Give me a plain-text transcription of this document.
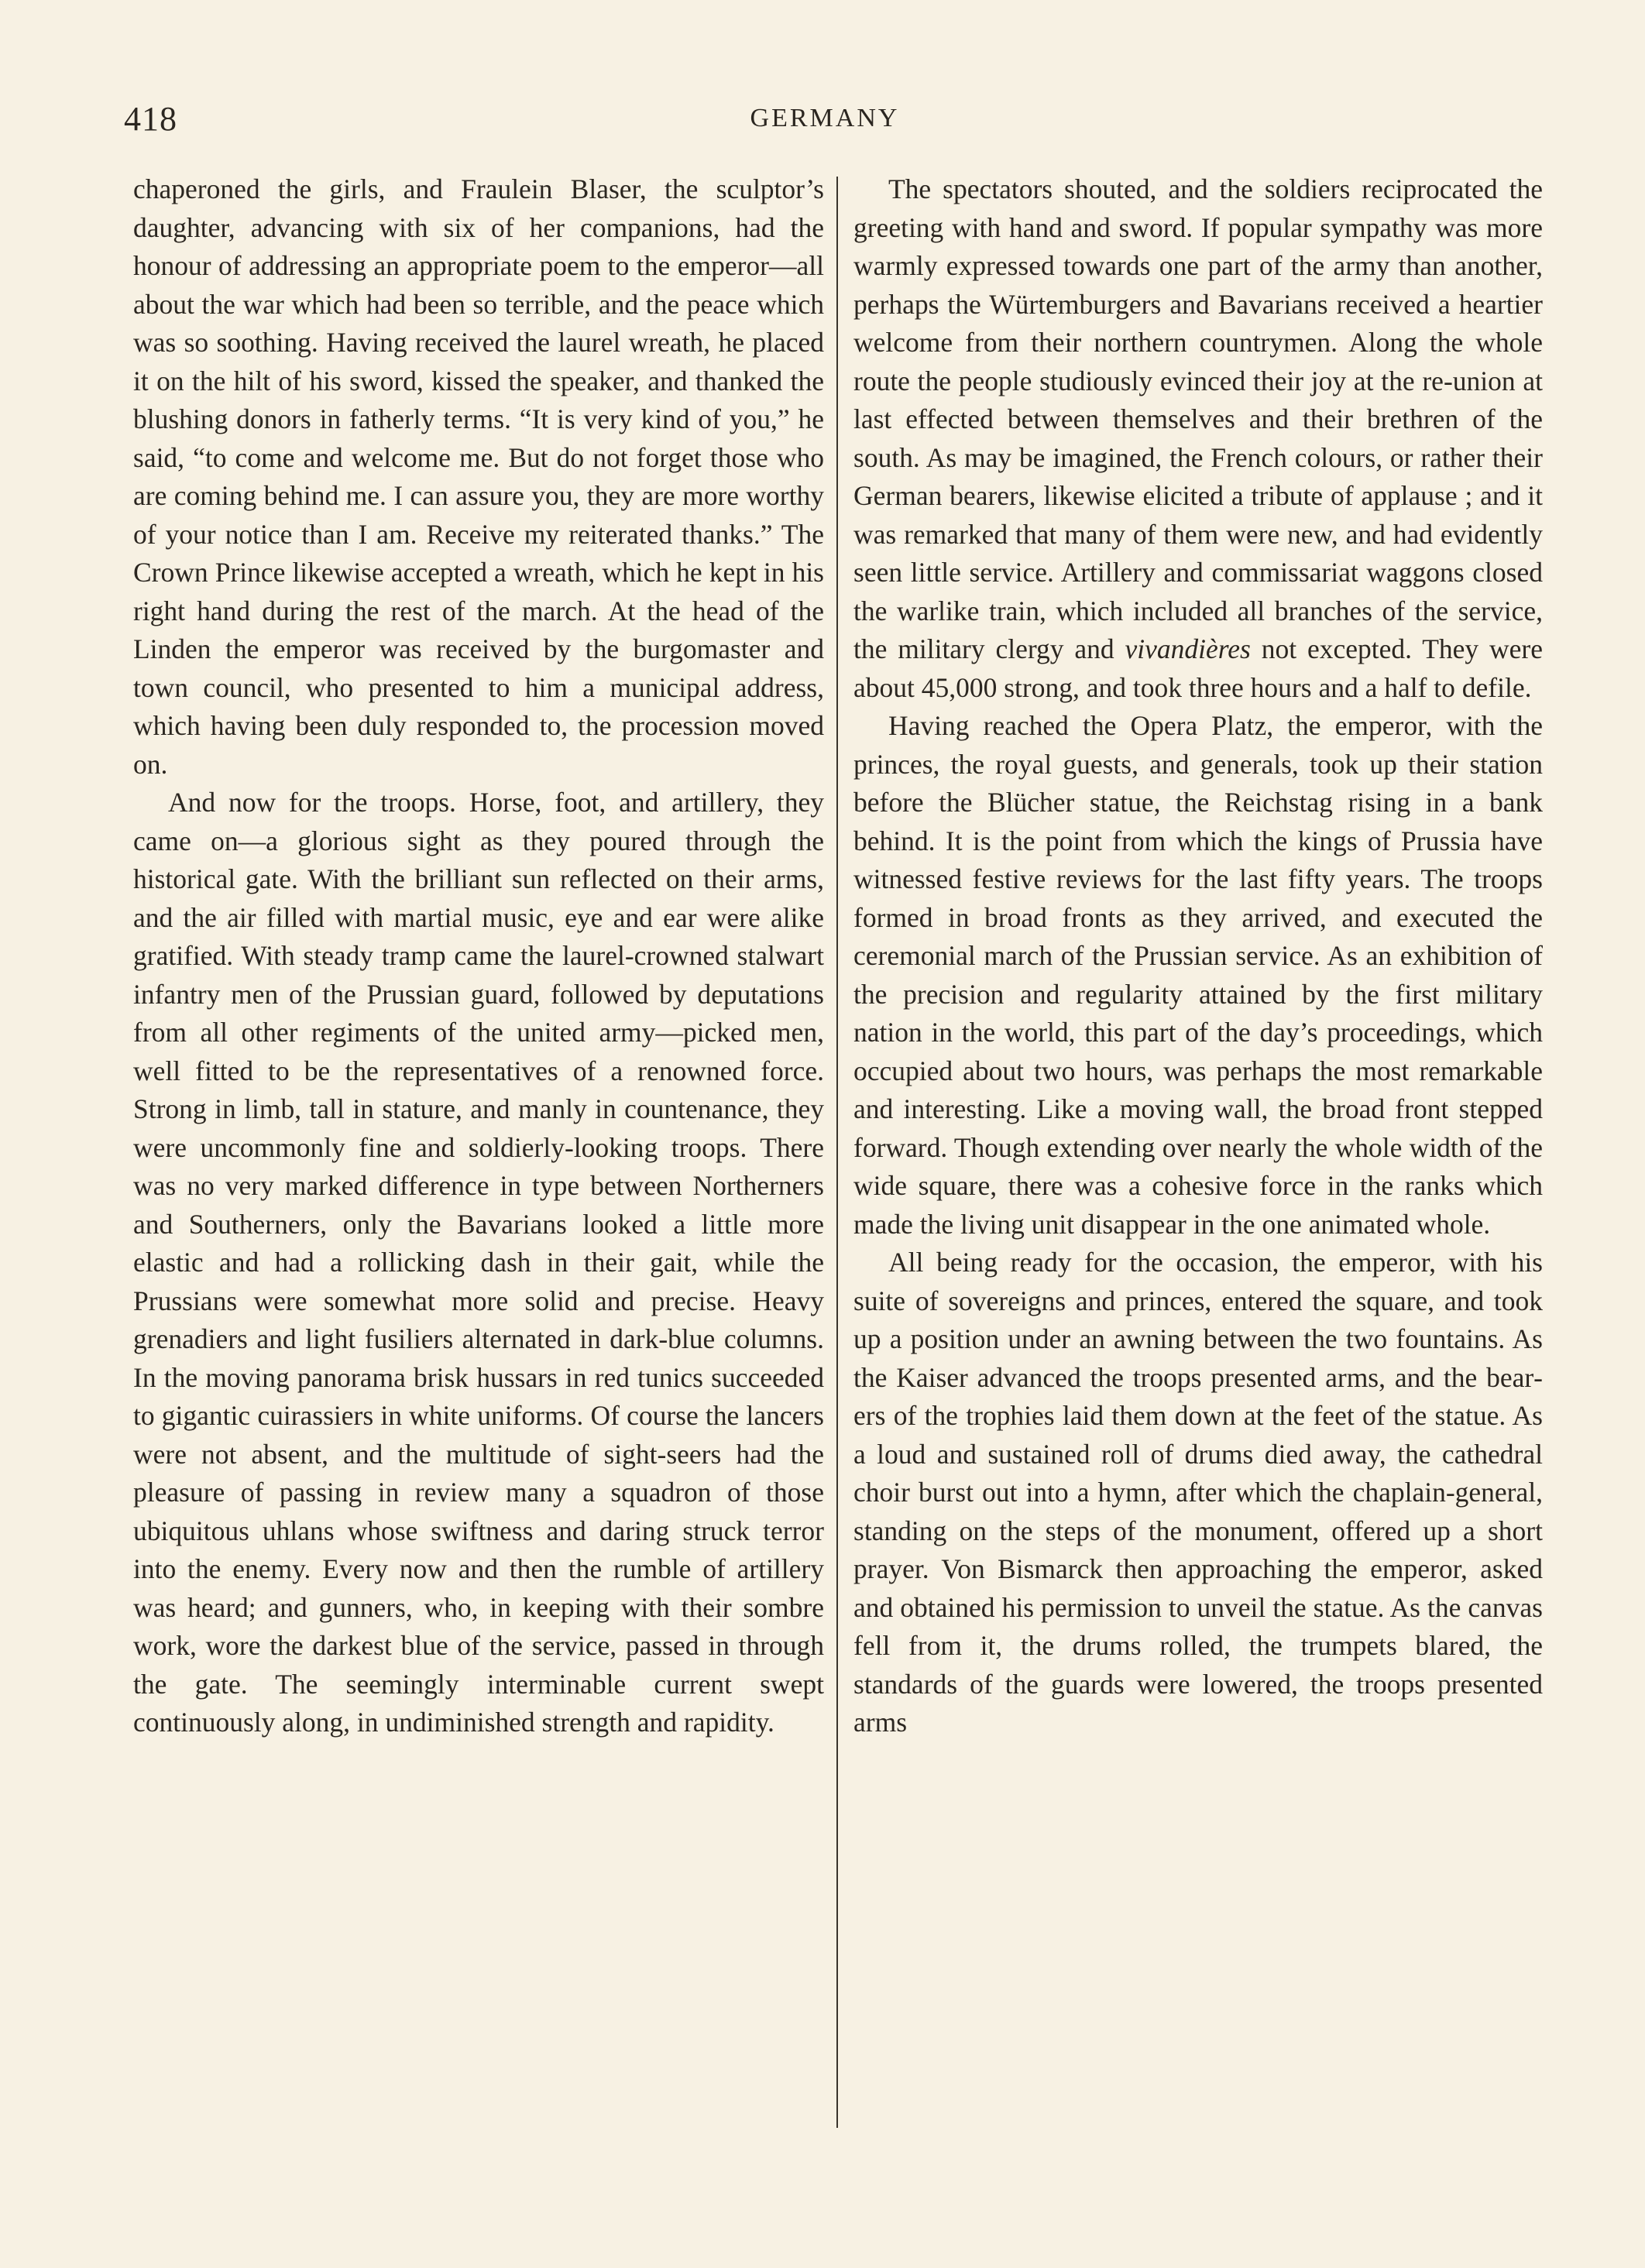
418	GERMANY

chaperoned the girls, and Fraulein Blaser, the sculptor’s daughter, advancing with six of her companions, had the honour of addressing an appropriate poem to the emperor—all about the war which had been so terrible, and the peace which was so soothing. Having received the laurel wreath, he placed it on the hilt of his sword, kissed the speaker, and thanked the blushing donors in fatherly terms. “It is very kind of you,” he said, “to come and welcome me. But do not forget those who are coming behind me. I can assure you, they are more worthy of your notice than I am. Receive my reiterated thanks.” The Crown Prince likewise accepted a wreath, which he kept in his right hand during the rest of the march. At the head of the Linden the emperor was received by the burgomaster and town council, who presented to him a municipal address, which having been duly responded to, the procession moved on.

And now for the troops. Horse, foot, and artillery, they came on—a glorious sight as they poured through the historical gate. With the brilliant sun reflected on their arms, and the air filled with martial music, eye and ear were alike gratified. With steady tramp came the laurel-crowned stalwart infantry men of the Prussian guard, followed by deputations from all other regiments of the united army—picked men, well fitted to be the representatives of a renowned force. Strong in limb, tall in stature, and manly in countenance, they were uncommonly fine and soldierly-looking troops. There was no very marked difference in type between Northerners and Southerners, only the Bavarians looked a little more elastic and had a rollicking dash in their gait, while the Prussians were somewhat more solid and precise. Heavy grenadiers and light fusiliers alternated in dark-blue columns. In the moving panorama brisk hussars in red tunics succeeded to gigantic cuirassiers in white uniforms. Of course the lancers were not absent, and the multitude of sight-seers had the pleasure of passing in review many a squadron of those ubiquitous uhlans whose swiftness and daring struck terror into the enemy. Every now and then the rumble of artillery was heard; and gunners, who, in keeping with their sombre work, wore the darkest blue of the service, passed in through the gate. The seemingly interminable current swept continuously along, in undiminished strength and rapidity.

The spectators shouted, and the soldiers reciprocated the greeting with hand and sword. If popular sympathy was more warmly expressed towards one part of the army than another, perhaps the Würtemburgers and Bavarians received a heartier welcome from their northern countrymen. Along the whole route the people studiously evinced their joy at the re-union at last effected between themselves and their brethren of the south. As may be imagined, the French colours, or rather their German bearers, likewise elicited a tribute of applause ; and it was remarked that many of them were new, and had evidently seen little service. Artillery and commissariat waggons closed the warlike train, which included all branches of the service, the military clergy and vivandières not excepted. They were about 45,000 strong, and took three hours and a half to defile.

Having reached the Opera Platz, the emperor, with the princes, the royal guests, and generals, took up their station before the Blücher statue, the Reichstag rising in a bank behind. It is the point from which the kings of Prussia have witnessed festive reviews for the last fifty years. The troops formed in broad fronts as they arrived, and executed the ceremonial march of the Prussian service. As an exhibition of the precision and regularity attained by the first military nation in the world, this part of the day’s proceedings, which occupied about two hours, was perhaps the most remarkable and interesting. Like a moving wall, the broad front stepped forward. Though extending over nearly the whole width of the wide square, there was a cohesive force in the ranks which made the living unit disappear in the one animated whole.

All being ready for the occasion, the emperor, with his suite of sovereigns and princes, entered the square, and took up a position under an awning between the two fountains. As the Kaiser advanced the troops presented arms, and the bearers of the trophies laid them down at the feet of the statue. As a loud and sustained roll of drums died away, the cathedral choir burst out into a hymn, after which the chaplain-general, standing on the steps of the monument, offered up a short prayer. Von Bismarck then approaching the emperor, asked and obtained his permission to unveil the statue. As the canvas fell from it, the drums rolled, the trumpets blared, the standards of the guards were lowered, the troops presented arms
